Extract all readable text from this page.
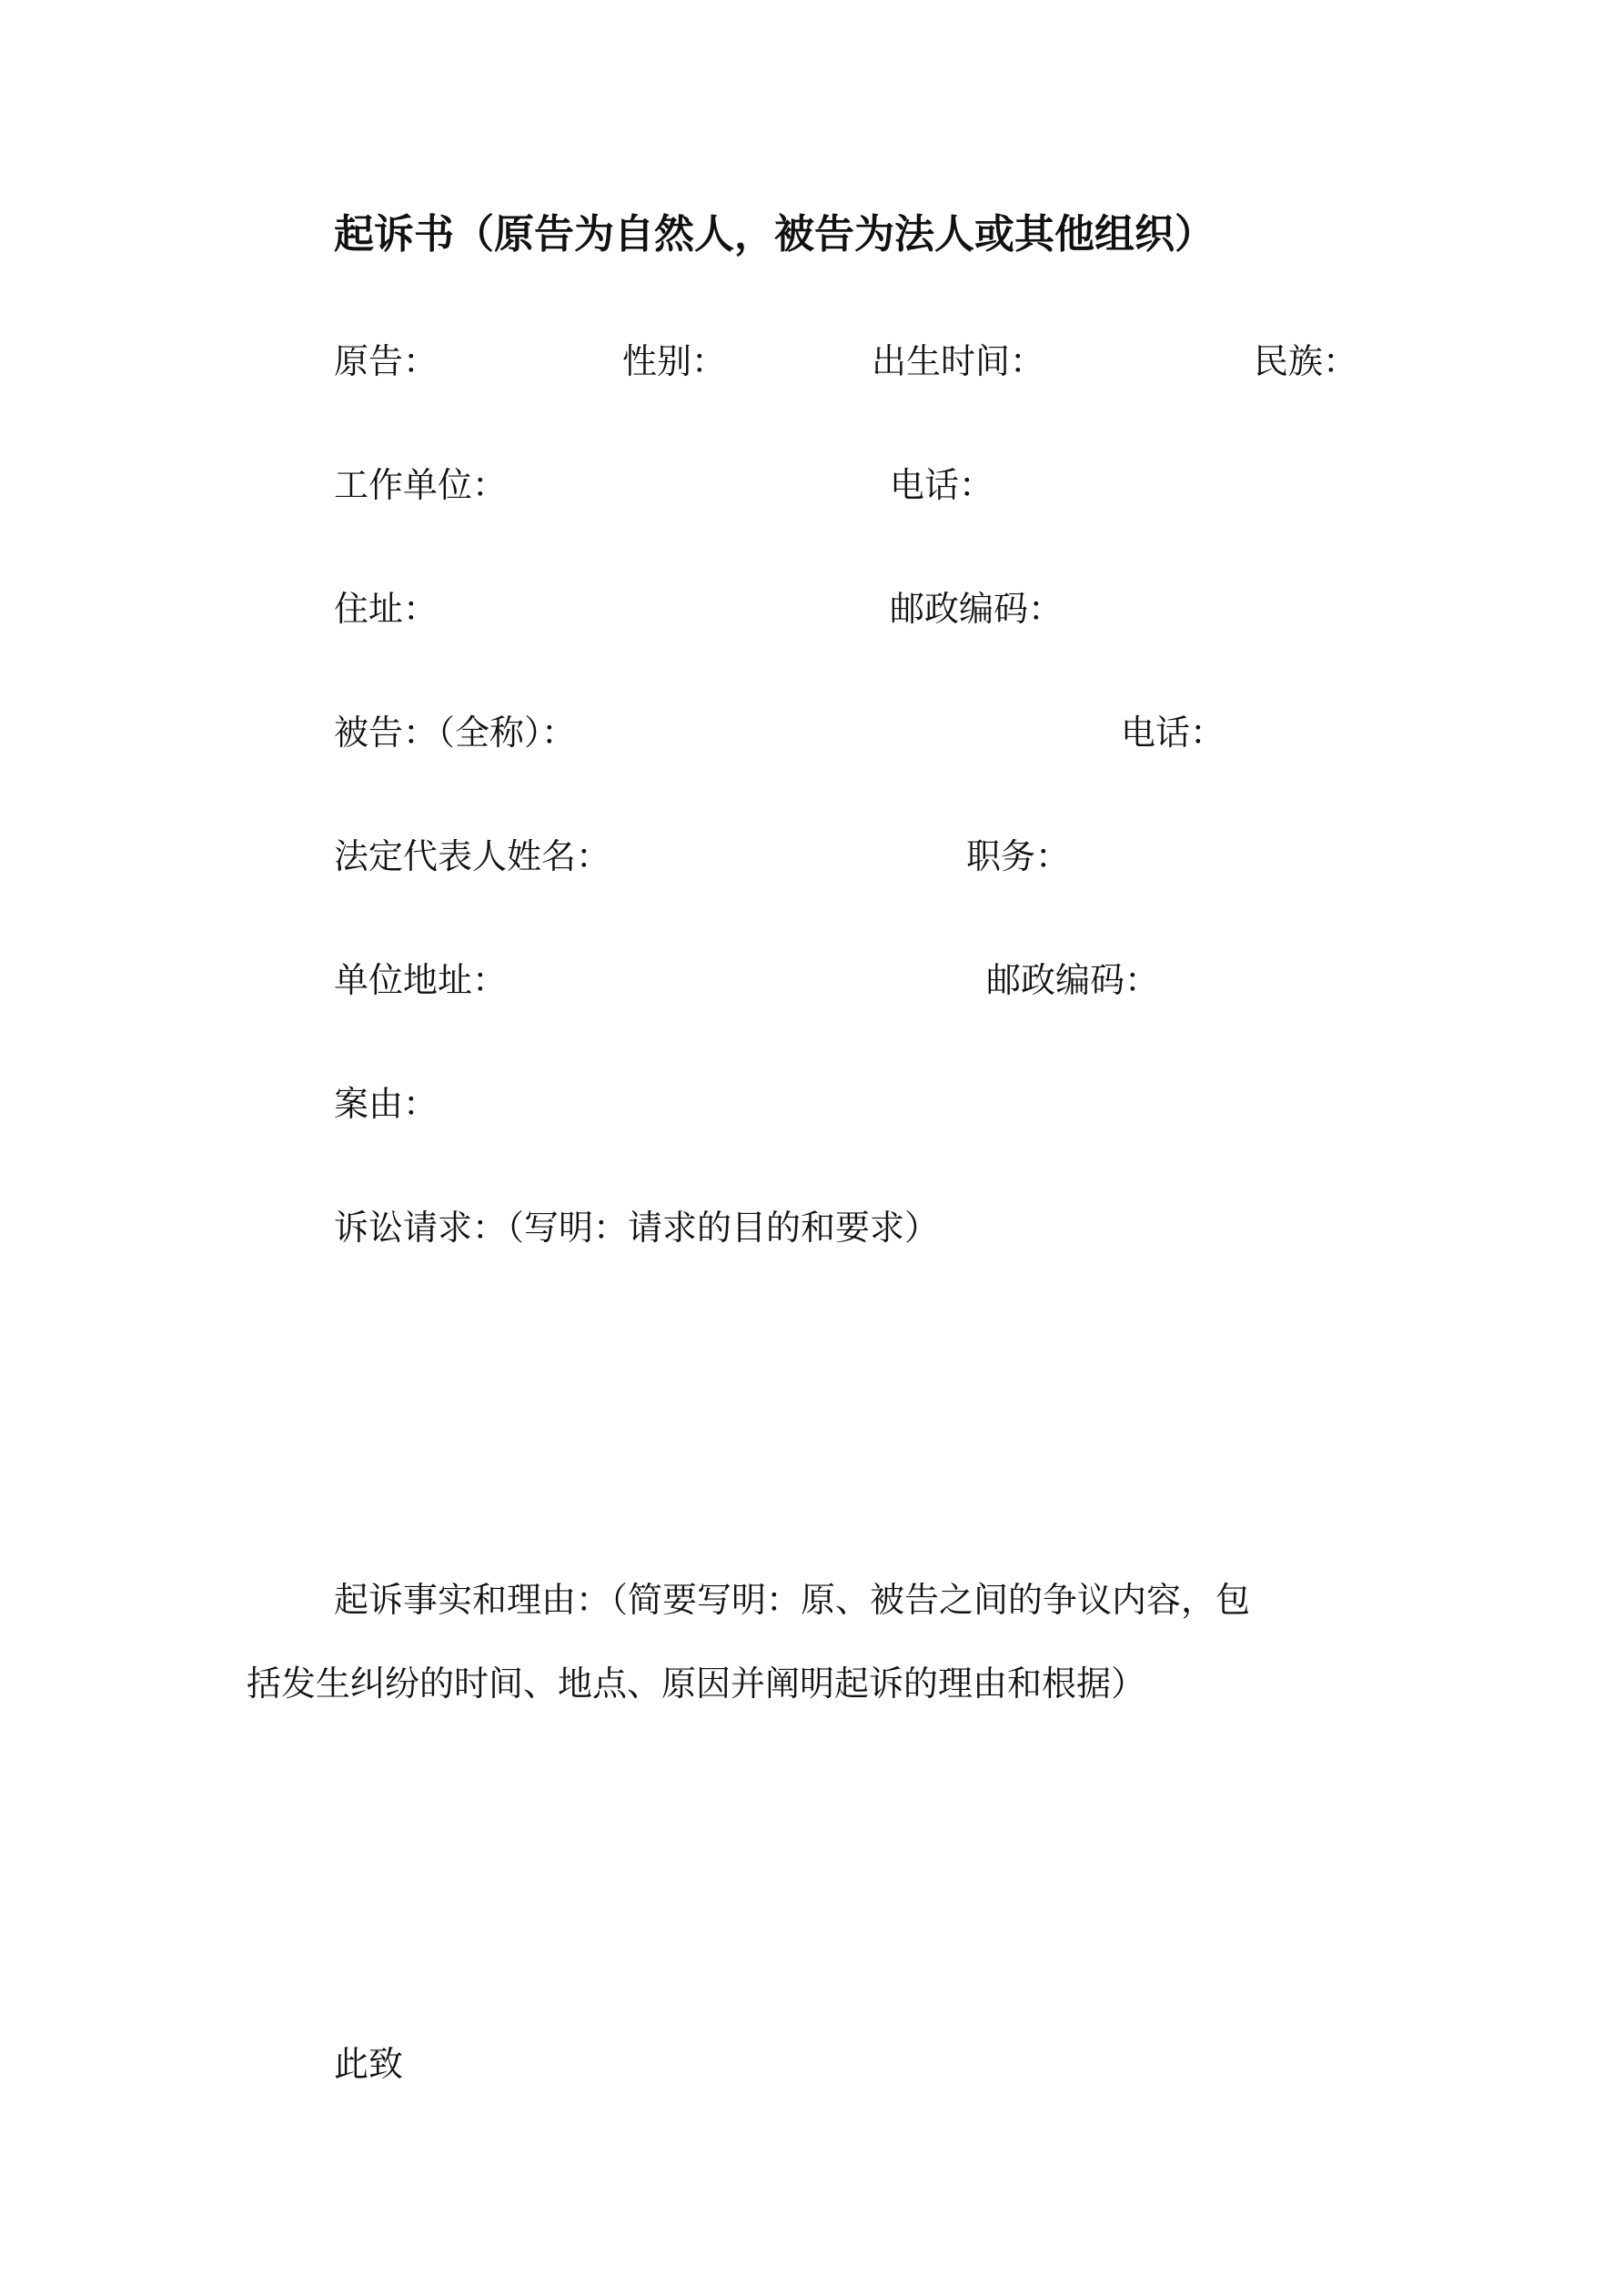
起诉书（原告为自然人，被告为法人或其他组织）
原告：	性别：	出生时间：	民族：
工作单位：	电话：
住址：	邮政编码：
被告：（全称）：	电话：
法定代表人姓名：	职务：
单位地址：	邮政编码：
案由：
诉讼请求：（写明：请求的目的和要求）
起诉事实和理由：（简要写明：原、被告之间的争议内容，包
括发生纠纷的时间、地点、原因并阐明起诉的理由和根据）
此致
